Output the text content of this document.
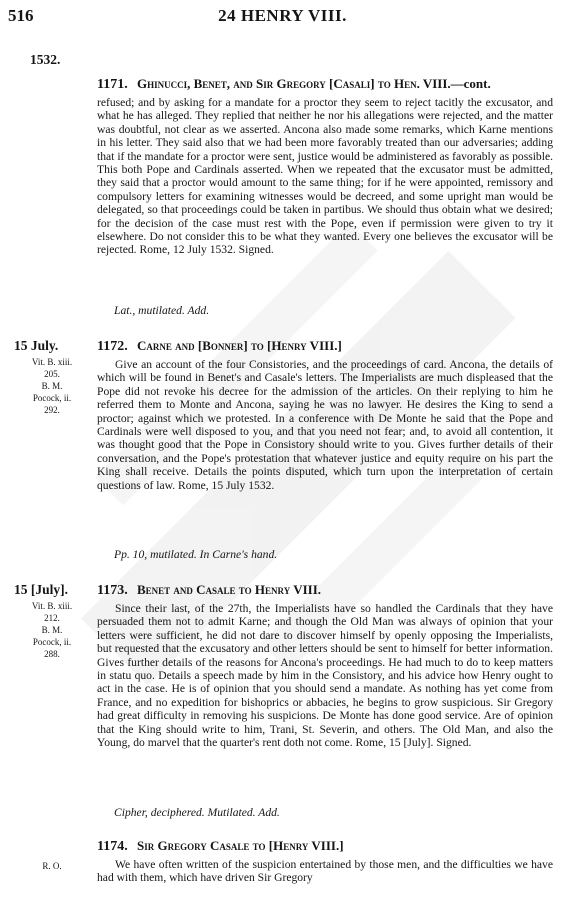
516	24 HENRY VIII.
1532.
1171. Ghinucci, Benet, and Sir Gregory [Casali] to Hen. VIII.—cont.
refused; and by asking for a mandate for a proctor they seem to reject tacitly the excusator, and what he has alleged. They replied that neither he nor his allegations were rejected, and the matter was doubtful, not clear as we asserted. Ancona also made some remarks, which Karne mentions in his letter. They said also that we had been more favorably treated than our adversaries; adding that if the mandate for a proctor were sent, justice would be administered as favorably as possible. This both Pope and Cardinals asserted. When we repeated that the excusator must be admitted, they said that a proctor would amount to the same thing; for if he were appointed, remissory and compulsory letters for examining witnesses would be decreed, and some upright man would be delegated, so that proceedings could be taken in partibus. We should thus obtain what we desired; for the decision of the case must rest with the Pope, even if permission were given to try it elsewhere. Do not consider this to be what they wanted. Every one believes the excusator will be rejected. Rome, 12 July 1532. Signed.
Lat., mutilated. Add.
15 July.	1172. Carne and [Bonner] to [Henry VIII.]
Vit. B. xiii.
205.
B. M.
Pocock, ii.
292.
Give an account of the four Consistories, and the proceedings of card. Ancona, the details of which will be found in Benet's and Casale's letters. The Imperialists are much displeased that the Pope did not revoke his decree for the admission of the articles. On their replying to him he referred them to Monte and Ancona, saying he was no lawyer. He desires the King to send a proctor; against which we protested. In a conference with De Monte he said that the Pope and Cardinals were well disposed to you, and that you need not fear; and, to avoid all contention, it was thought good that the Pope in Consistory should write to you. Gives further details of their conversation, and the Pope's protestation that whatever justice and equity require on his part the King shall receive. Details the points disputed, which turn upon the interpretation of certain questions of law. Rome, 15 July 1532.
Pp. 10, mutilated. In Carne's hand.
15 [July]. 1173. Benet and Casale to Henry VIII.
Vit. B. xiii.
212.
B. M.
Pocock, ii.
288.
Since their last, of the 27th, the Imperialists have so handled the Cardinals that they have persuaded them not to admit Karne; and though the Old Man was always of opinion that your letters were sufficient, he did not dare to discover himself by openly opposing the Imperialists, but requested that the excusatory and other letters should be sent to himself for better information. Gives further details of the reasons for Ancona's proceedings. He had much to do to keep matters in statu quo. Details a speech made by him in the Consistory, and his advice how Henry ought to act in the case. He is of opinion that you should send a mandate. As nothing has yet come from France, and no expedition for bishoprics or abbacies, he begins to grow suspicious. Sir Gregory had great difficulty in removing his suspicions. De Monte has done good service. Are of opinion that the King should write to him, Trani, St. Severin, and others. The Old Man, and also the Young, do marvel that the quarter's rent doth not come. Rome, 15 [July]. Signed.
Cipher, deciphered. Mutilated. Add.
1174. Sir Gregory Casale to [Henry VIII.]
R. O.	We have often written of the suspicion entertained by those men, and the difficulties we have had with them, which have driven Sir Gregory
